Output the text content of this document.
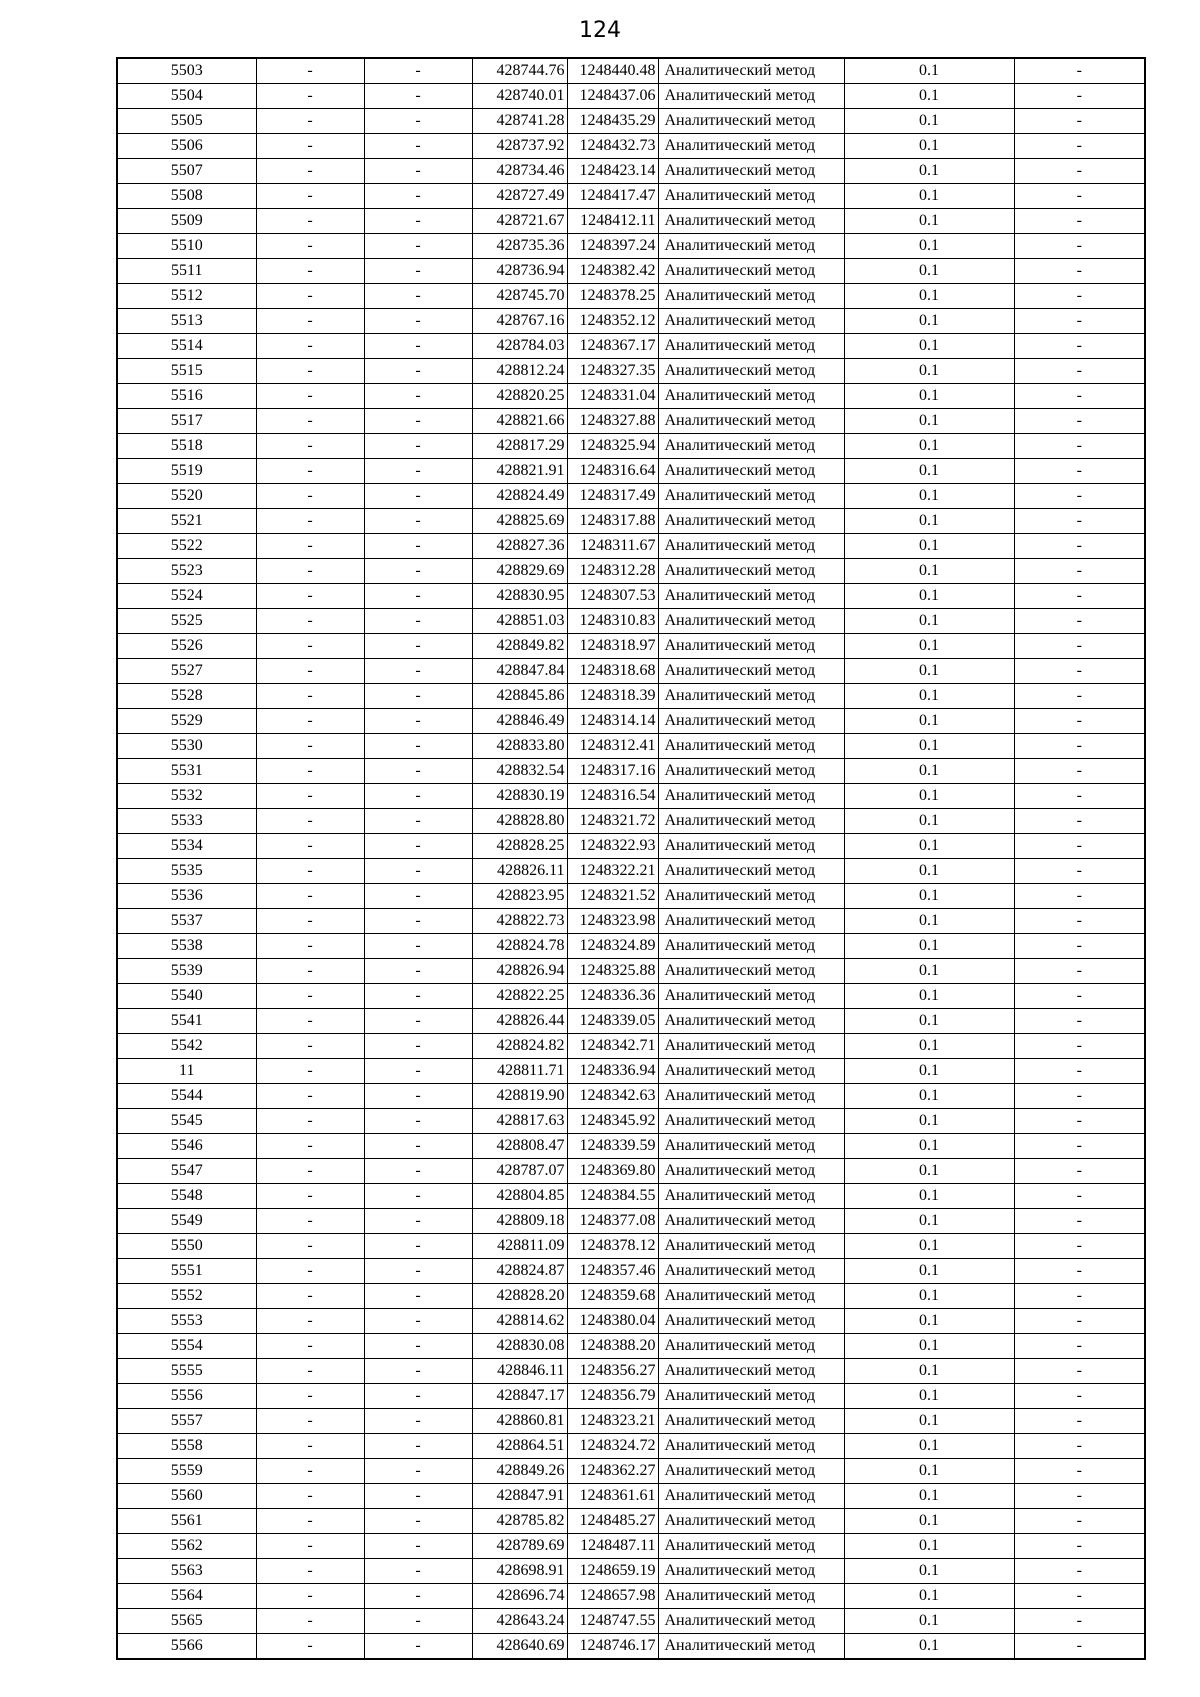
124
5503	-	-	428744.76	1248440.48	Аналитический метод	0.1	-
5504	-	-	428740.01	1248437.06	Аналитический метод	0.1	-
5505	-	-	428741.28	1248435.29	Аналитический метод	0.1	-
5506	-	-	428737.92	1248432.73	Аналитический метод	0.1	-
5507	-	-	428734.46	1248423.14	Аналитический метод	0.1	-
5508	-	-	428727.49	1248417.47	Аналитический метод	0.1	-
5509	-	-	428721.67	1248412.11	Аналитический метод	0.1	-
5510	-	-	428735.36	1248397.24	Аналитический метод	0.1	-
5511	-	-	428736.94	1248382.42	Аналитический метод	0.1	-
5512	-	-	428745.70	1248378.25	Аналитический метод	0.1	-
5513	-	-	428767.16	1248352.12	Аналитический метод	0.1	-
5514	-	-	428784.03	1248367.17	Аналитический метод	0.1	-
5515	-	-	428812.24	1248327.35	Аналитический метод	0.1	-
5516	-	-	428820.25	1248331.04	Аналитический метод	0.1	-
5517	-	-	428821.66	1248327.88	Аналитический метод	0.1	-
5518	-	-	428817.29	1248325.94	Аналитический метод	0.1	-
5519	-	-	428821.91	1248316.64	Аналитический метод	0.1	-
5520	-	-	428824.49	1248317.49	Аналитический метод	0.1	-
5521	-	-	428825.69	1248317.88	Аналитический метод	0.1	-
5522	-	-	428827.36	1248311.67	Аналитический метод	0.1	-
5523	-	-	428829.69	1248312.28	Аналитический метод	0.1	-
5524	-	-	428830.95	1248307.53	Аналитический метод	0.1	-
5525	-	-	428851.03	1248310.83	Аналитический метод	0.1	-
5526	-	-	428849.82	1248318.97	Аналитический метод	0.1	-
5527	-	-	428847.84	1248318.68	Аналитический метод	0.1	-
5528	-	-	428845.86	1248318.39	Аналитический метод	0.1	-
5529	-	-	428846.49	1248314.14	Аналитический метод	0.1	-
5530	-	-	428833.80	1248312.41	Аналитический метод	0.1	-
5531	-	-	428832.54	1248317.16	Аналитический метод	0.1	-
5532	-	-	428830.19	1248316.54	Аналитический метод	0.1	-
5533	-	-	428828.80	1248321.72	Аналитический метод	0.1	-
5534	-	-	428828.25	1248322.93	Аналитический метод	0.1	-
5535	-	-	428826.11	1248322.21	Аналитический метод	0.1	-
5536	-	-	428823.95	1248321.52	Аналитический метод	0.1	-
5537	-	-	428822.73	1248323.98	Аналитический метод	0.1	-
5538	-	-	428824.78	1248324.89	Аналитический метод	0.1	-
5539	-	-	428826.94	1248325.88	Аналитический метод	0.1	-
5540	-	-	428822.25	1248336.36	Аналитический метод	0.1	-
5541	-	-	428826.44	1248339.05	Аналитический метод	0.1	-
5542	-	-	428824.82	1248342.71	Аналитический метод	0.1	-
11	-	-	428811.71	1248336.94	Аналитический метод	0.1	-
5544	-	-	428819.90	1248342.63	Аналитический метод	0.1	-
5545	-	-	428817.63	1248345.92	Аналитический метод	0.1	-
5546	-	-	428808.47	1248339.59	Аналитический метод	0.1	-
5547	-	-	428787.07	1248369.80	Аналитический метод	0.1	-
5548	-	-	428804.85	1248384.55	Аналитический метод	0.1	-
5549	-	-	428809.18	1248377.08	Аналитический метод	0.1	-
5550	-	-	428811.09	1248378.12	Аналитический метод	0.1	-
5551	-	-	428824.87	1248357.46	Аналитический метод	0.1	-
5552	-	-	428828.20	1248359.68	Аналитический метод	0.1	-
5553	-	-	428814.62	1248380.04	Аналитический метод	0.1	-
5554	-	-	428830.08	1248388.20	Аналитический метод	0.1	-
5555	-	-	428846.11	1248356.27	Аналитический метод	0.1	-
5556	-	-	428847.17	1248356.79	Аналитический метод	0.1	-
5557	-	-	428860.81	1248323.21	Аналитический метод	0.1	-
5558	-	-	428864.51	1248324.72	Аналитический метод	0.1	-
5559	-	-	428849.26	1248362.27	Аналитический метод	0.1	-
5560	-	-	428847.91	1248361.61	Аналитический метод	0.1	-
5561	-	-	428785.82	1248485.27	Аналитический метод	0.1	-
5562	-	-	428789.69	1248487.11	Аналитический метод	0.1	-
5563	-	-	428698.91	1248659.19	Аналитический метод	0.1	-
5564	-	-	428696.74	1248657.98	Аналитический метод	0.1	-
5565	-	-	428643.24	1248747.55	Аналитический метод	0.1	-
5566	-	-	428640.69	1248746.17	Аналитический метод	0.1	-
